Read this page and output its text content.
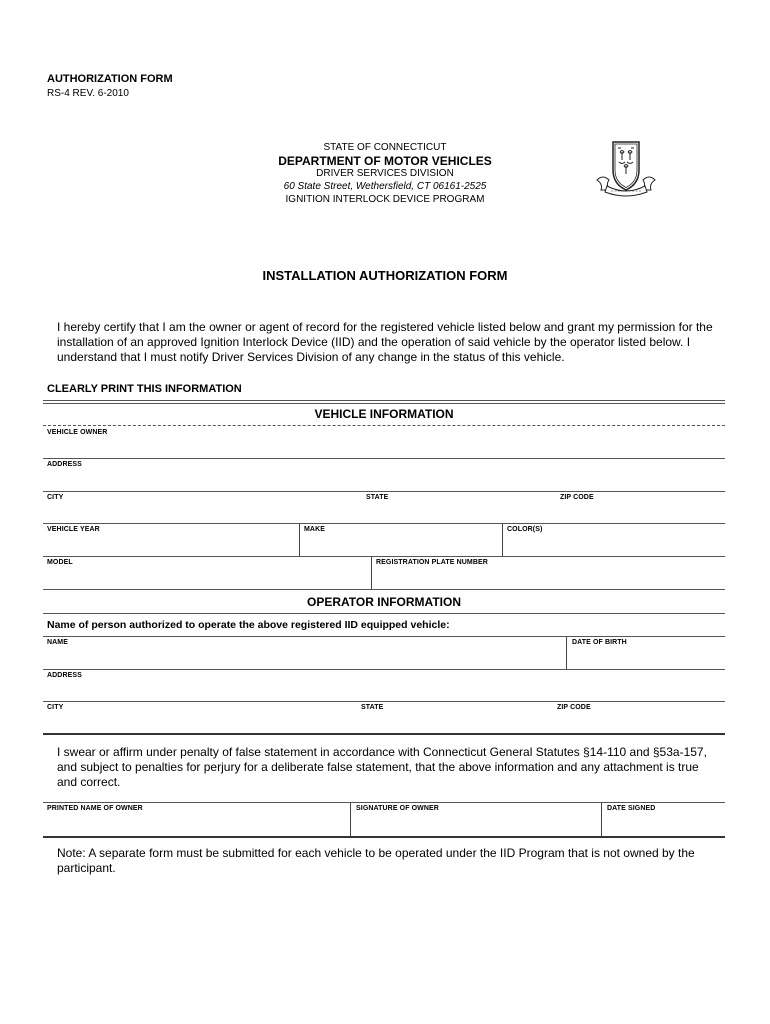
AUTHORIZATION FORM
RS-4 REV. 6-2010
STATE OF CONNECTICUT
DEPARTMENT OF MOTOR VEHICLES
DRIVER SERVICES DIVISION
60 State Street, Wethersfield, CT 06161-2525
IGNITION INTERLOCK DEVICE PROGRAM
INSTALLATION AUTHORIZATION FORM
I hereby certify that I am the owner or agent of record for the registered vehicle listed below and grant my permission for the installation of an approved Ignition Interlock Device (IID) and the operation of said vehicle by the operator listed below. I understand that I must notify Driver Services Division of any change in the status of this vehicle.
CLEARLY PRINT THIS INFORMATION
VEHICLE INFORMATION
VEHICLE OWNER
ADDRESS
CITY	STATE	ZIP CODE
VEHICLE YEAR	MAKE	COLOR(S)
MODEL	REGISTRATION PLATE NUMBER
OPERATOR INFORMATION
Name of person authorized to operate the above registered IID equipped vehicle:
NAME	DATE OF BIRTH
ADDRESS
CITY	STATE	ZIP CODE
I swear or affirm under penalty of false statement in accordance with Connecticut General Statutes §14-110 and §53a-157, and subject to penalties for perjury for a deliberate false statement, that the above information and any attachment is true and correct.
PRINTED NAME OF OWNER	SIGNATURE OF OWNER	DATE SIGNED
Note: A separate form must be submitted for each vehicle to be operated under the IID Program that is not owned by the participant.
